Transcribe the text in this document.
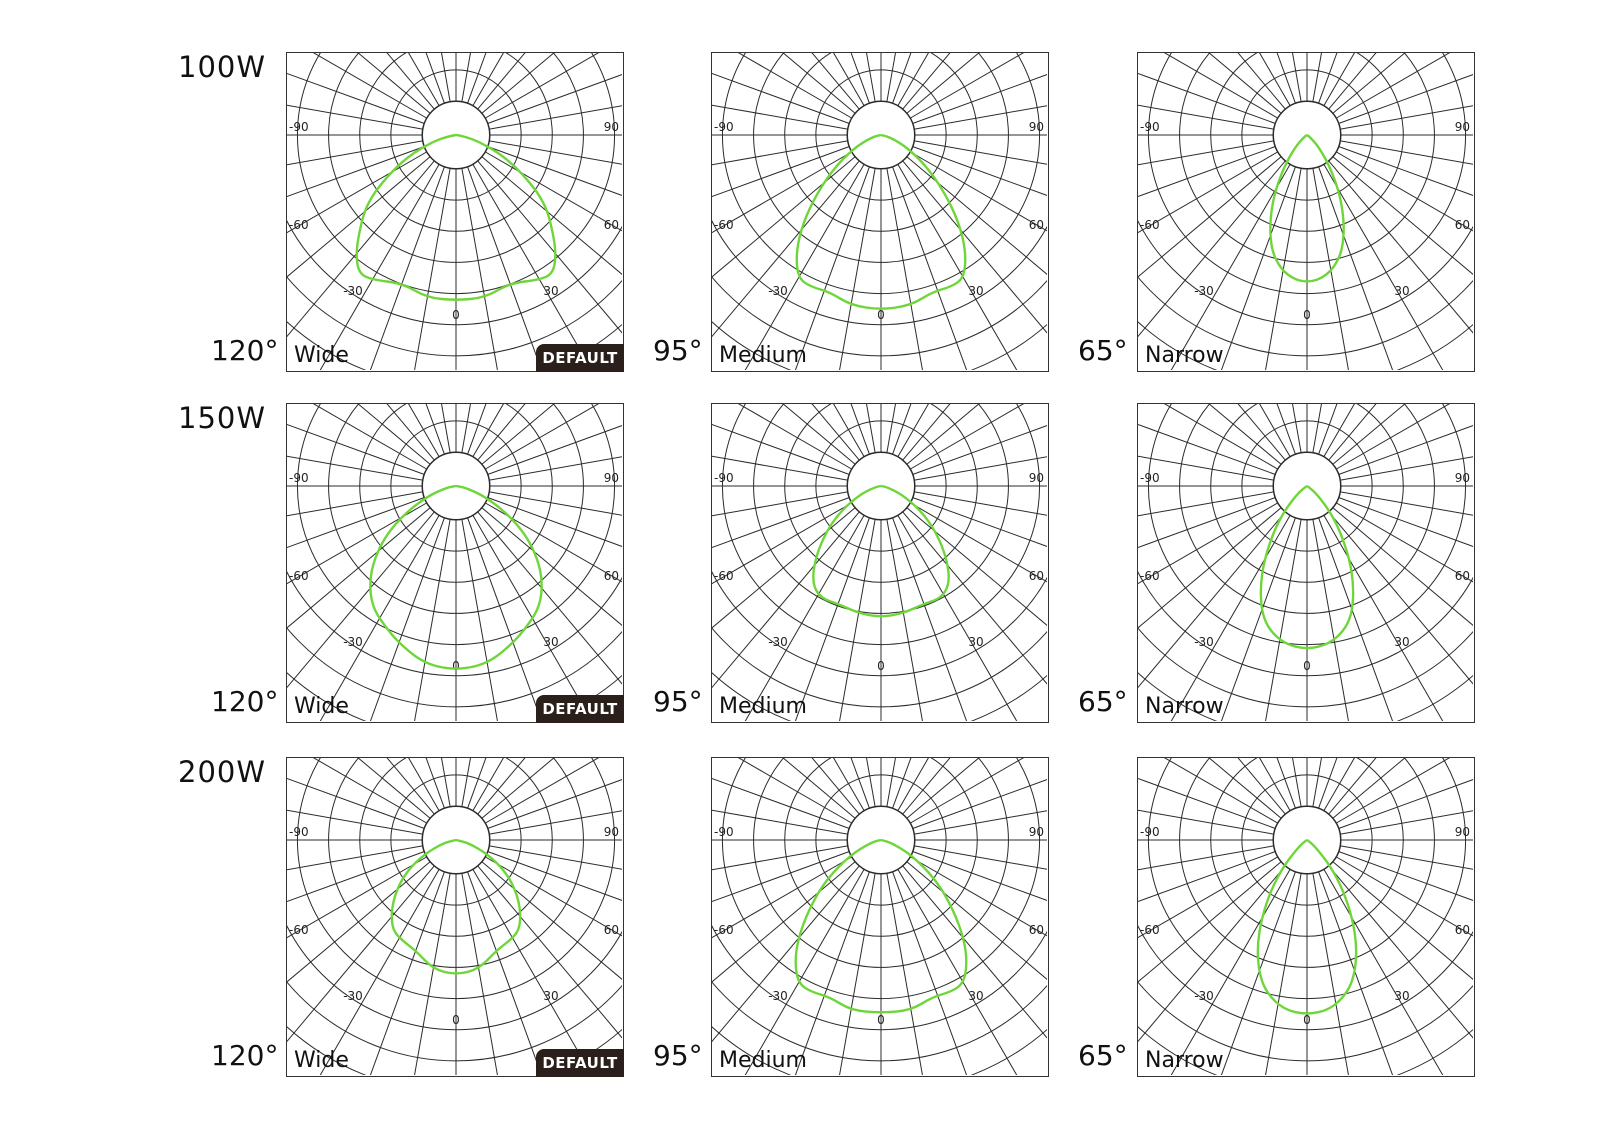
100W
120°
-90	90
-60	60
-30	30
0
Wide	DEFAULT 95°
-90	90
-60	60
-30	30
0
Medium	65°
-90	90
-60	60
-30	30
0
Narrow
150W
120°
-90	90
-60	60
-30	30
0
Wide	DEFAULT 95°
-90	90
-60	60
-30	30
0
Medium	65°
-90	90
-60	60
-30	30
0
Narrow
200W
120°
-90	90
-60	60
-30	30
0
Wide	DEFAULT 95°
-90	90
-60	60
-30	30
0
Medium	65°
-90	90
-60	60
-30	30
0
Narrow
